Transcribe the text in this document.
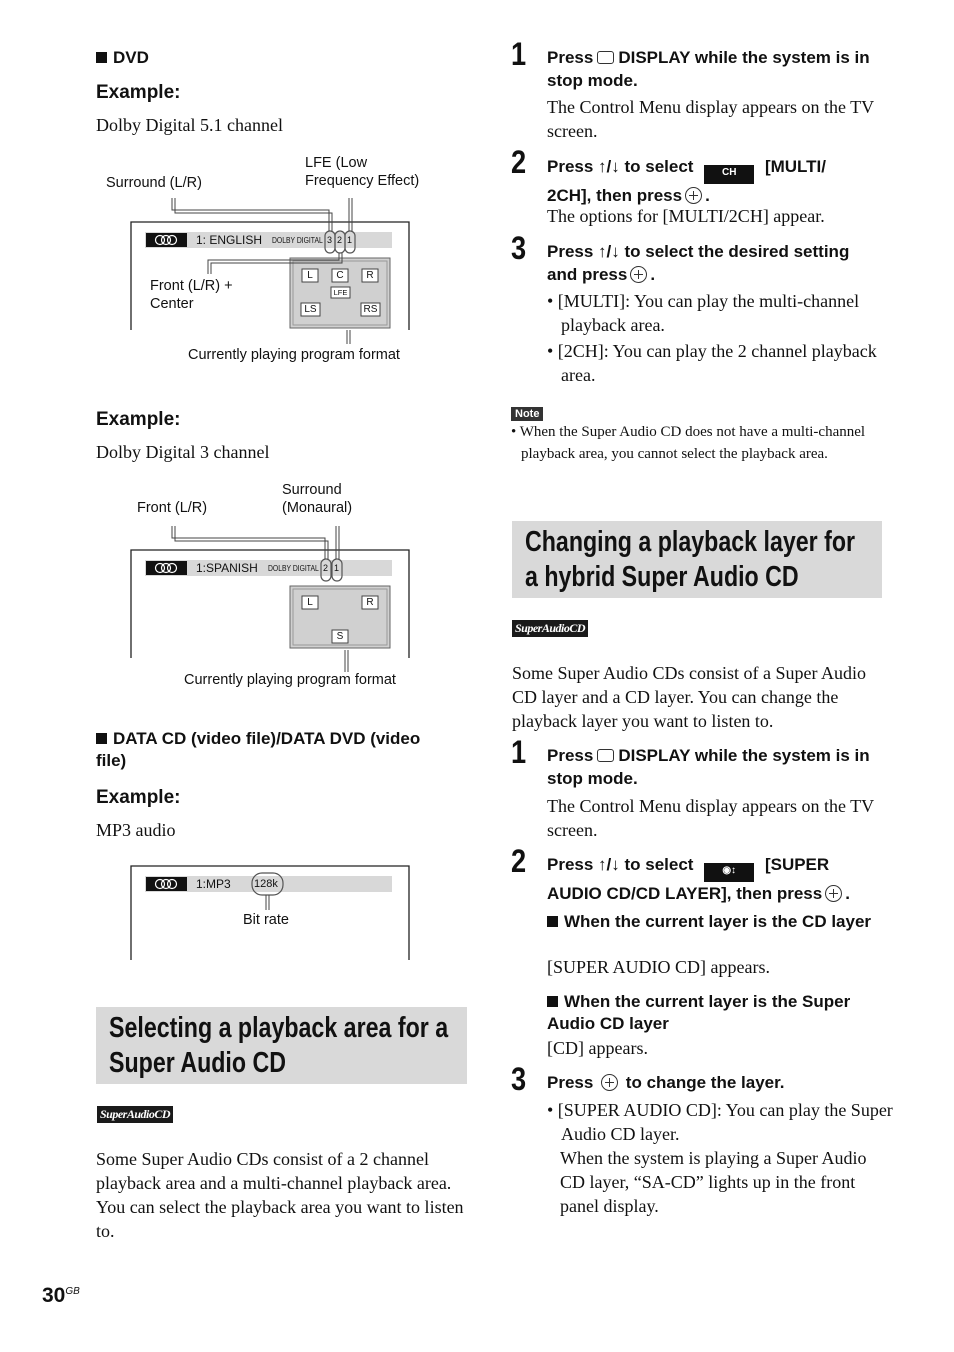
DVD
Example:
Dolby Digital 5.1 channel
Surround (L/R)
LFE (Low
Frequency Effect)
Front (L/R) +
Center
1: ENGLISH DOLBY DIGITAL 3 2 1
L	C	R
LFE
LS	RS
Currently playing program format
Example:
Dolby Digital 3 channel
Front (L/R)
Surround
(Monaural)
1:SPANISH DOLBY DIGITAL 2 1
L	R
S
Currently playing program format
DATA CD (video file)/DATA DVD (video
file)
Example:
MP3 audio
1:MP3 128k
Bit rate
Selecting a playback area for a
Super Audio CD
SuperAudioCD
Some Super Audio CDs consist of a 2 channel playback area and a multi-channel playback area. You can select the playback area you want to listen to.
1 Press DISPLAY while the system is in stop mode.
The Control Menu display appears on the TV screen.
2 Press ↑/↓ to select	CH [MULTI/
2CH], then press .
The options for [MULTI/2CH] appear.
3 Press ↑/↓ to select the desired setting
and press .
• [MULTI]: You can play the multi-channel playback area.
• [2CH]: You can play the 2 channel playback area.
Note
• When the Super Audio CD does not have a multi-channel playback area, you cannot select the playback area.
Changing a playback layer for
a hybrid Super Audio CD
SuperAudioCD
Some Super Audio CDs consist of a Super Audio CD layer and a CD layer. You can change the playback layer you want to listen to.
1 Press DISPLAY while the system is in stop mode.
The Control Menu display appears on the TV screen.
2 Press ↑/↓ to select	◉↕ [SUPER
AUDIO CD/CD LAYER], then press .
When the current layer is the CD layer
[SUPER AUDIO CD] appears.
When the current layer is the Super Audio CD layer
[CD] appears.
3 Press to change the layer.
• [SUPER AUDIO CD]: You can play the Super Audio CD layer.
When the system is playing a Super Audio CD layer, “SA-CD” lights up in the front panel display.
$30^{GB}$
